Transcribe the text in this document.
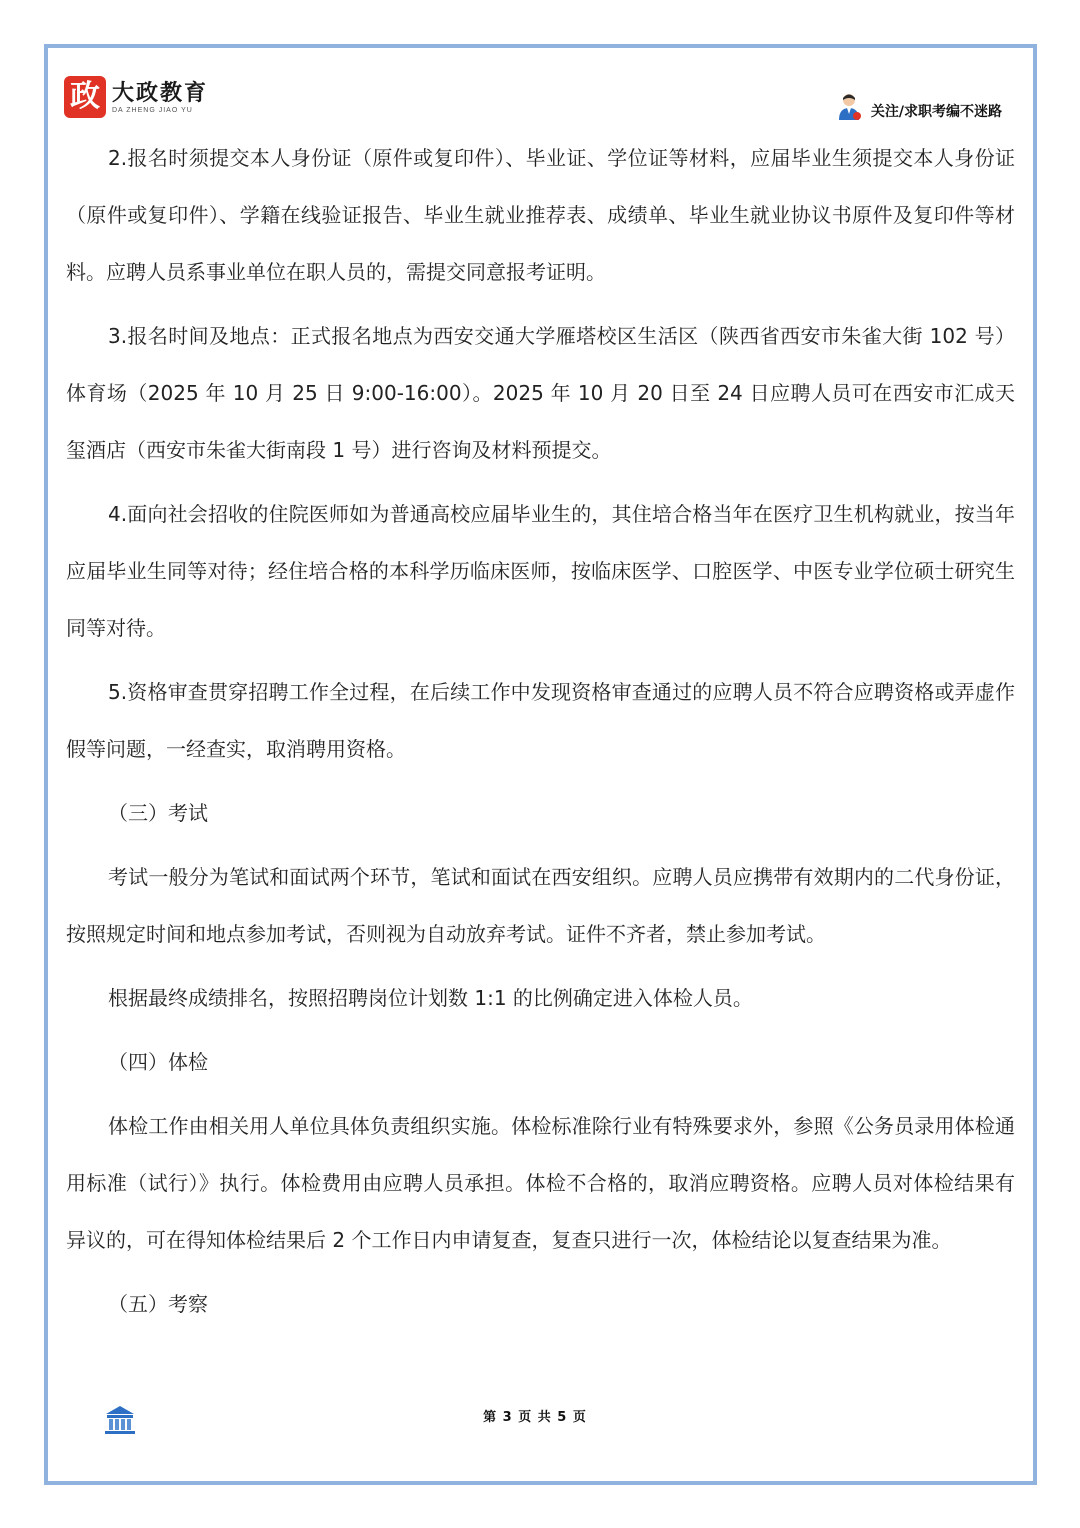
政 大政教育
DA ZHENG JIAO YU	关注/求职考编不迷路

2.报名时须提交本人身份证（原件或复印件）、毕业证、学位证等材料，应届毕业生须提交本人身份证（原件或复印件）、学籍在线验证报告、毕业生就业推荐表、成绩单、毕业生就业协议书原件及复印件等材料。应聘人员系事业单位在职人员的，需提交同意报考证明。

3.报名时间及地点：正式报名地点为西安交通大学雁塔校区生活区（陕西省西安市朱雀大街 102 号）体育场（2025 年 10 月 25 日 9:00-16:00）。2025 年 10 月 20 日至 24 日应聘人员可在西安市汇成天玺酒店（西安市朱雀大街南段 1 号）进行咨询及材料预提交。

4.面向社会招收的住院医师如为普通高校应届毕业生的，其住培合格当年在医疗卫生机构就业，按当年应届毕业生同等对待；经住培合格的本科学历临床医师，按临床医学、口腔医学、中医专业学位硕士研究生同等对待。

5.资格审查贯穿招聘工作全过程，在后续工作中发现资格审查通过的应聘人员不符合应聘资格或弄虚作假等问题，一经查实，取消聘用资格。

（三）考试

考试一般分为笔试和面试两个环节，笔试和面试在西安组织。应聘人员应携带有效期内的二代身份证，按照规定时间和地点参加考试，否则视为自动放弃考试。证件不齐者，禁止参加考试。

根据最终成绩排名，按照招聘岗位计划数 1:1 的比例确定进入体检人员。

（四）体检

体检工作由相关用人单位具体负责组织实施。体检标准除行业有特殊要求外，参照《公务员录用体检通用标准（试行）》执行。体检费用由应聘人员承担。体检不合格的，取消应聘资格。应聘人员对体检结果有异议的，可在得知体检结果后 2 个工作日内申请复查，复查只进行一次，体检结论以复查结果为准。

（五）考察

第 3 页 共 5 页
